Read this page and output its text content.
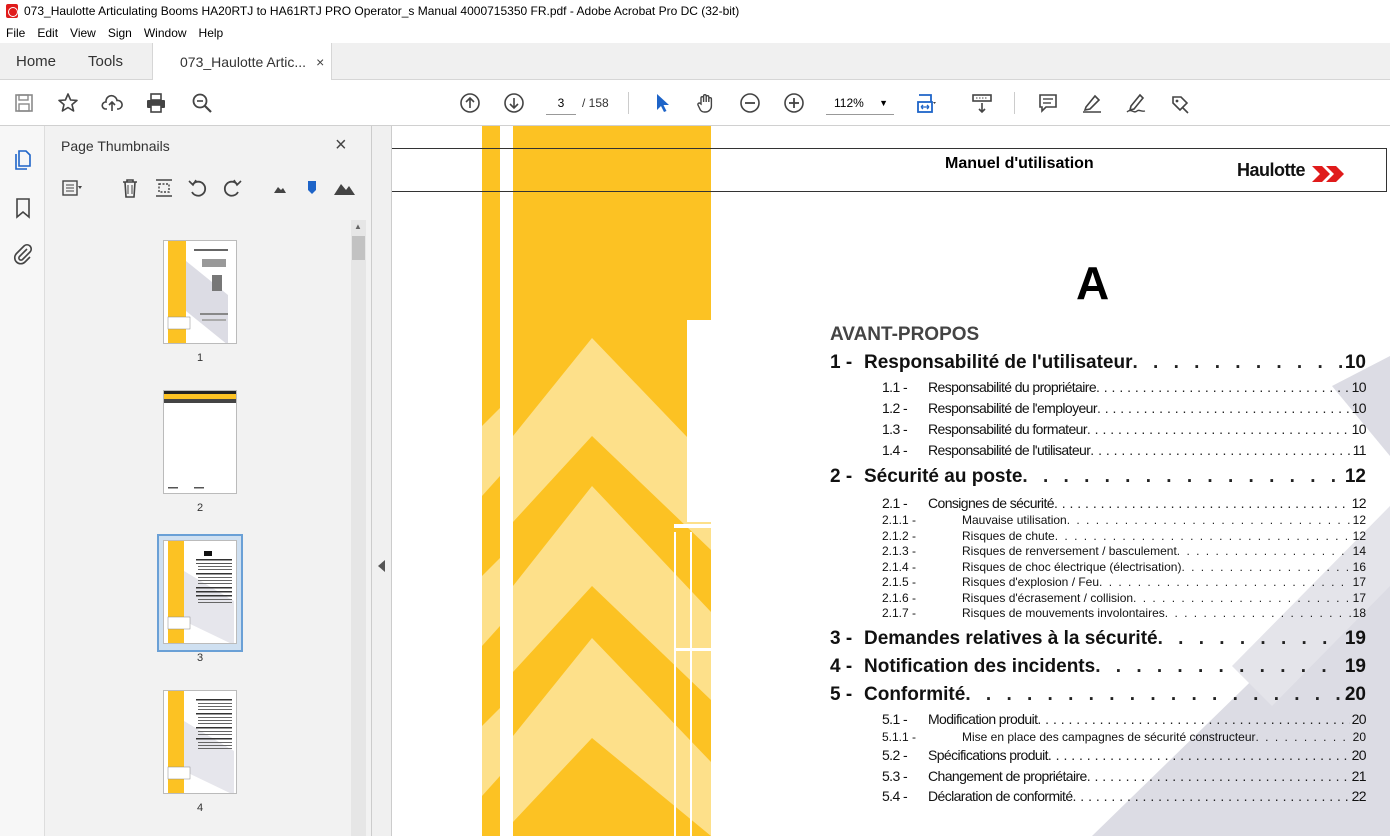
073_Haulotte Articulating Booms HA20RTJ to HA61RTJ PRO Operator_s Manual 4000715350 FR.pdf - Adobe Acrobat Pro DC (32-bit)
File	Edit	View	Sign	Window	Help
Home Tools	073_Haulotte Artic... ×
3	/ 158	112% ▼
Page Thumbnails	×
▲
1
2
3
4
Manuel d'utilisation	Haulotte
A
AVANT-PROPOS
1 - Responsabilité de l'utilisateur . . .	10
1.1 -	Responsabilité du propriétaire . . .	10
1.2 -	Responsabilité de l'employeur . . .	10
1.3 -	Responsabilité du formateur . . .	10
1.4 -	Responsabilité de l'utilisateur . . .	11
2 - Sécurité au poste . . .	12
2.1 -	Consignes de sécurité . . .	12
2.1.1 -	Mauvaise utilisation . . .	12
2.1.2 -	Risques de chute . . .	12
2.1.3 -	Risques de renversement / basculement . . .	14
2.1.4 -	Risques de choc électrique (électrisation) . . .	16
2.1.5 -	Risques d'explosion / Feu . . .	17
2.1.6 -	Risques d'écrasement / collision . . .	17
2.1.7 -	Risques de mouvements involontaires . . .	18
3 - Demandes relatives à la sécurité . . .	19
4 - Notification des incidents . . .	19
5 - Conformité . . .	20
5.1 -	Modification produit . . .	20
5.1.1 -	Mise en place des campagnes de sécurité constructeur . . .	20
5.2 -	Spécifications produit . . .	20
5.3 -	Changement de propriétaire . . .	21
5.4 -	Déclaration de conformité . . .	22
